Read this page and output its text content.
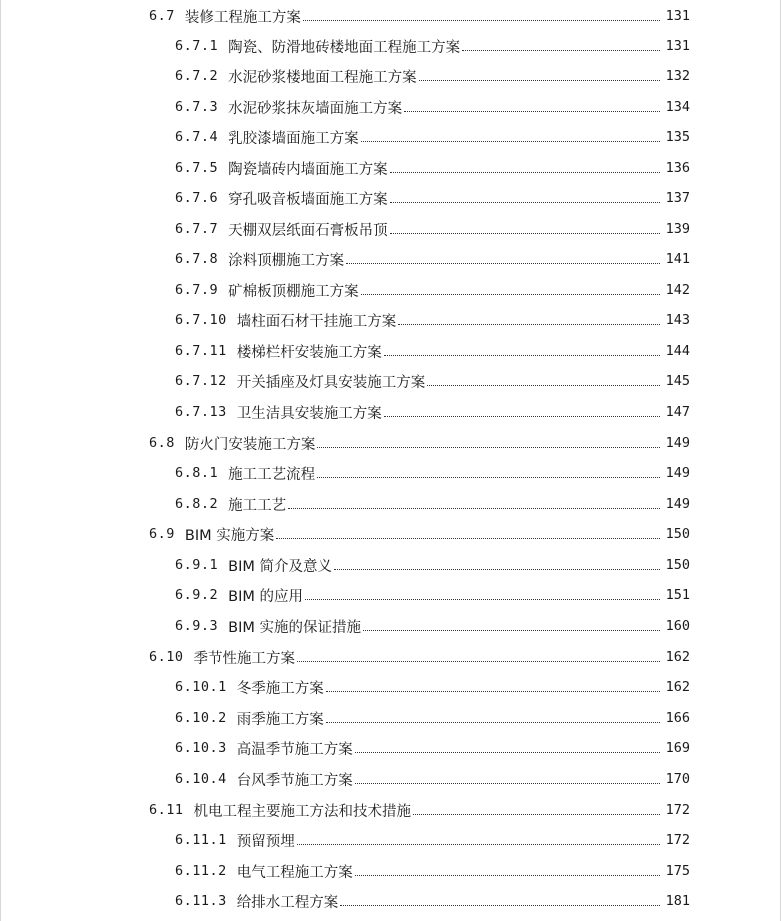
6.7 装修工程施工方案	131
6.7.1 陶瓷、防滑地砖楼地面工程施工方案	131
6.7.2 水泥砂浆楼地面工程施工方案	132
6.7.3 水泥砂浆抹灰墙面施工方案	134
6.7.4 乳胶漆墙面施工方案	135
6.7.5 陶瓷墙砖内墙面施工方案	136
6.7.6 穿孔吸音板墙面施工方案	137
6.7.7 天棚双层纸面石膏板吊顶	139
6.7.8 涂料顶棚施工方案	141
6.7.9 矿棉板顶棚施工方案	142
6.7.10 墙柱面石材干挂施工方案	143
6.7.11 楼梯栏杆安装施工方案	144
6.7.12 开关插座及灯具安装施工方案	145
6.7.13 卫生洁具安装施工方案	147
6.8 防火门安装施工方案	149
6.8.1 施工工艺流程	149
6.8.2 施工工艺	149
6.9 BIM 实施方案	150
6.9.1 BIM 简介及意义	150
6.9.2 BIM 的应用	151
6.9.3 BIM 实施的保证措施	160
6.10 季节性施工方案	162
6.10.1 冬季施工方案	162
6.10.2 雨季施工方案	166
6.10.3 高温季节施工方案	169
6.10.4 台风季节施工方案	170
6.11 机电工程主要施工方法和技术措施	172
6.11.1 预留预埋	172
6.11.2 电气工程施工方案	175
6.11.3 给排水工程方案	181
